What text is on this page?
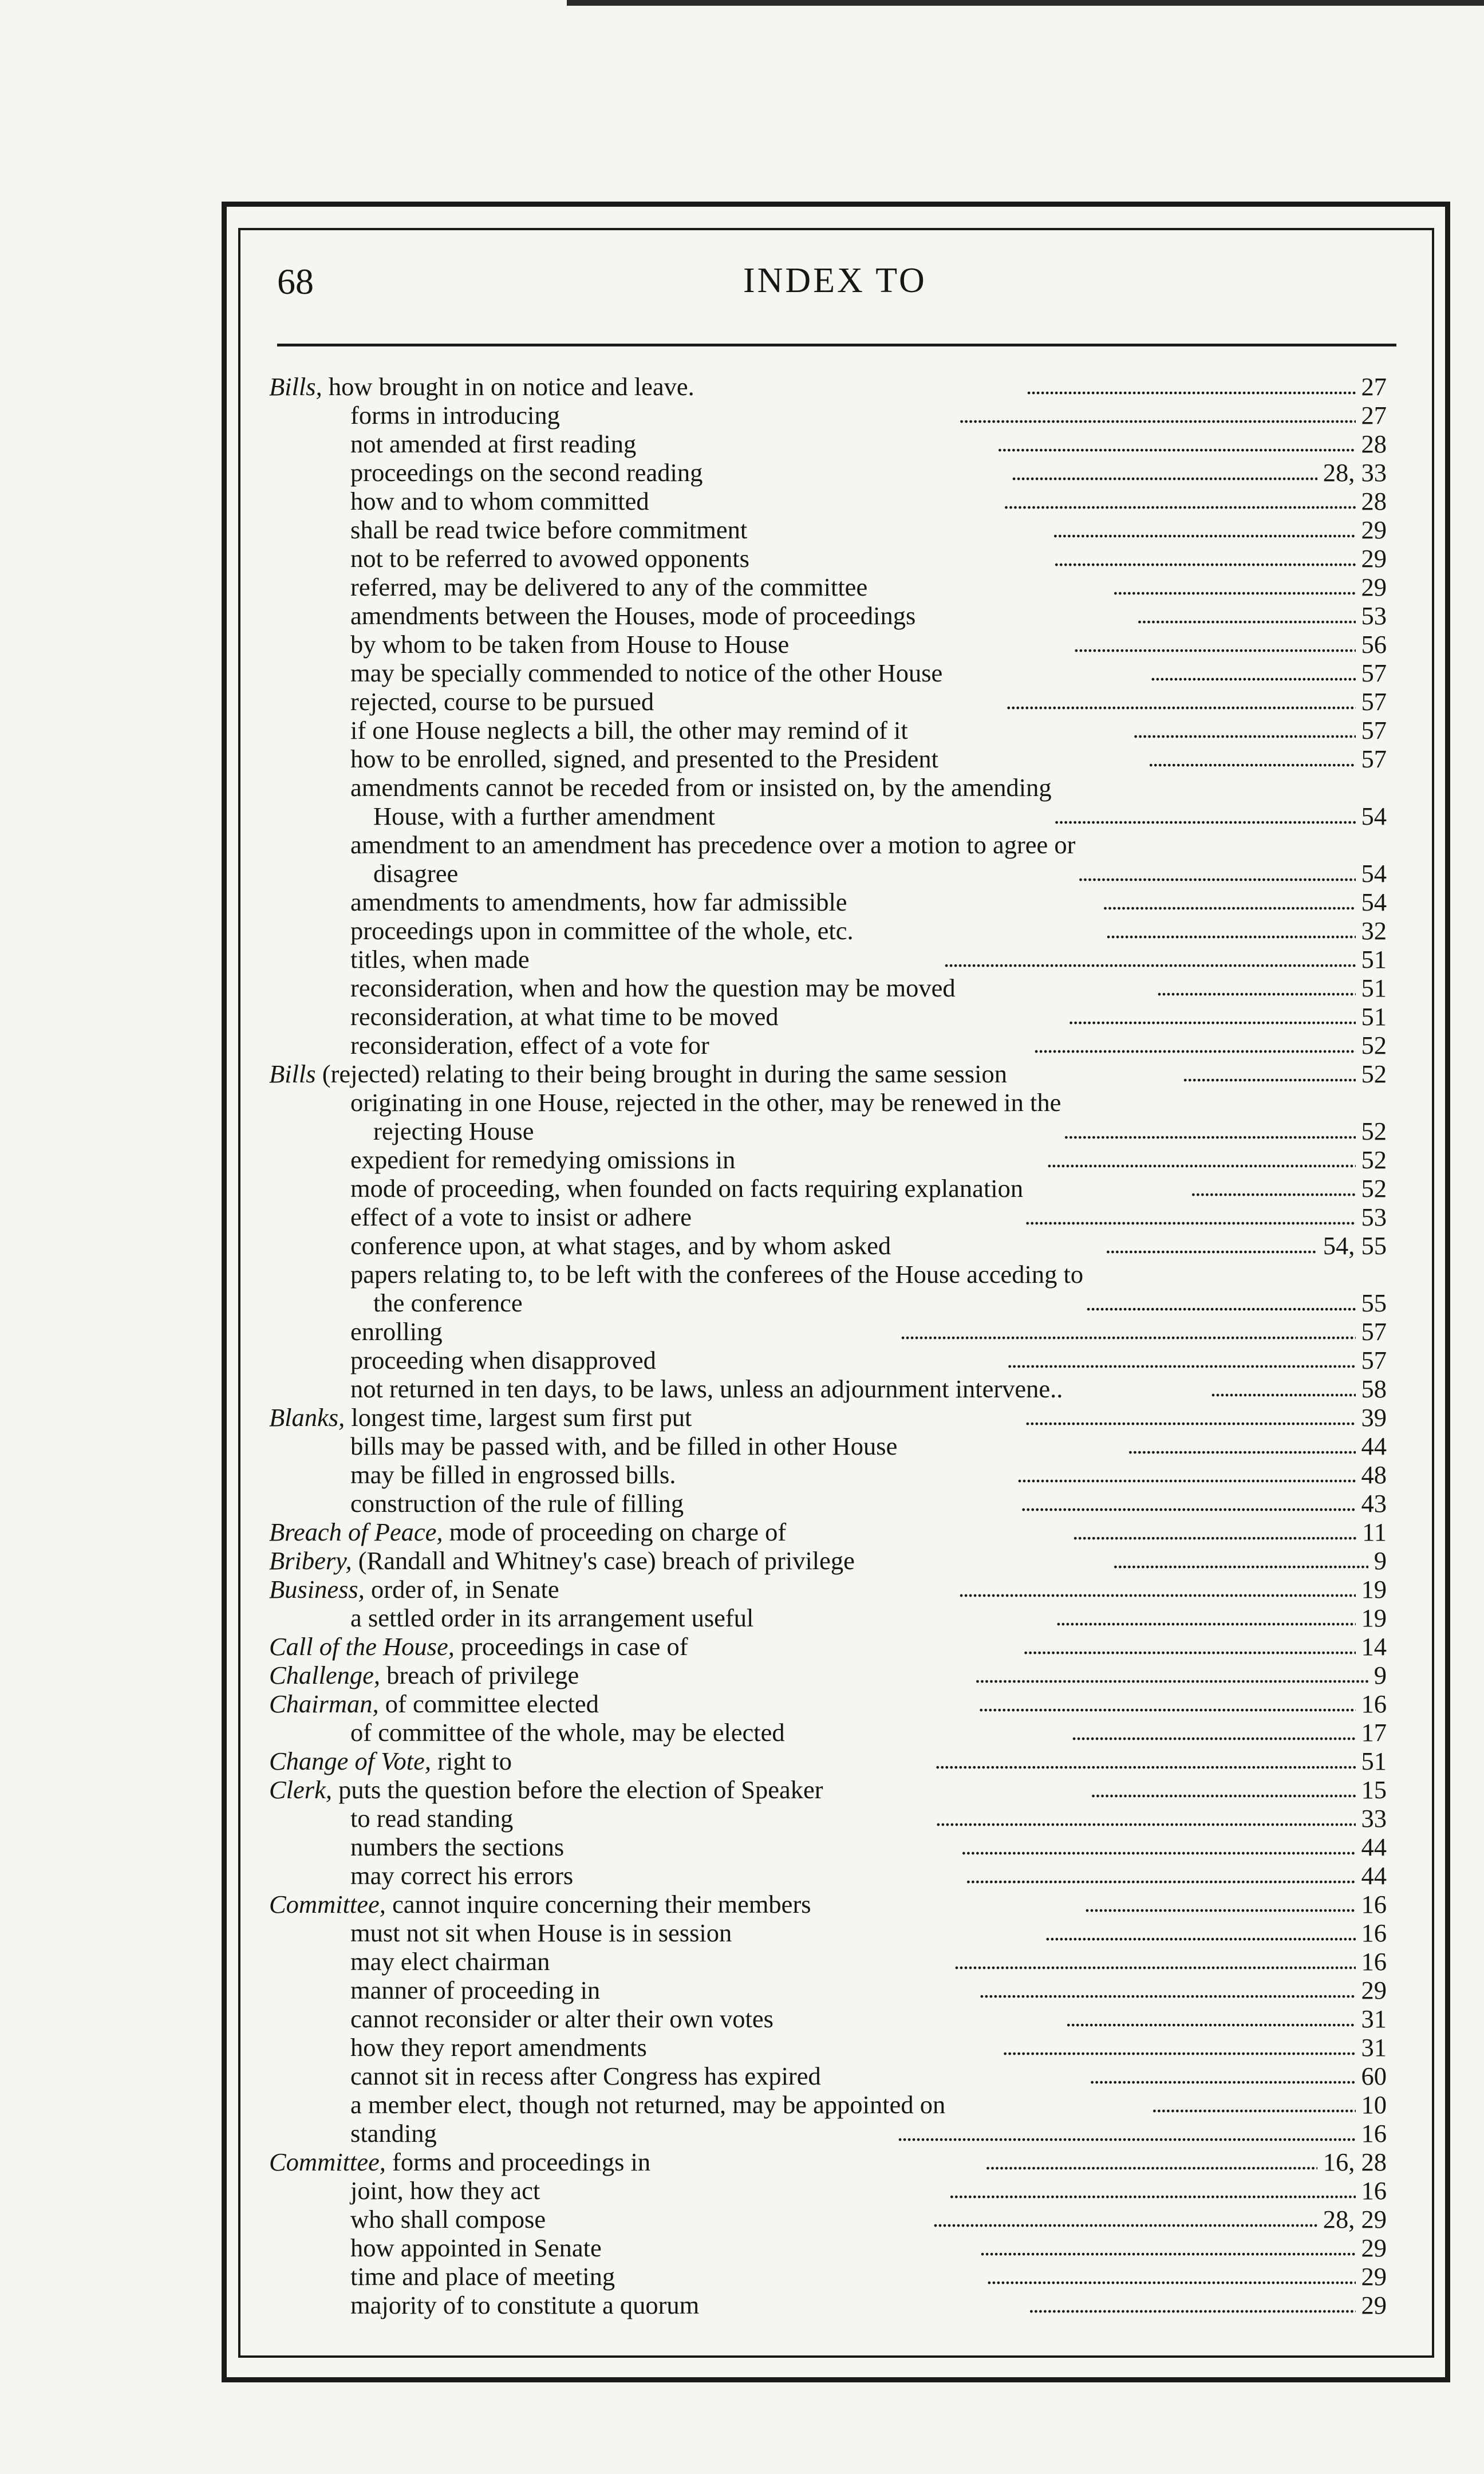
68	INDEX TO
Bills, how brought in on notice and leave. . . .	27
forms in introducing . . .	27
not amended at first reading . . .	28
proceedings on the second reading . . .	28, 33
how and to whom committed . . .	28
shall be read twice before commitment . . .	29
not to be referred to avowed opponents . . .	29
referred, may be delivered to any of the committee . . .	29
amendments between the Houses, mode of proceedings . . .	53
by whom to be taken from House to House . . .	56
may be specially commended to notice of the other House . . .	57
rejected, course to be pursued . . .	57
if one House neglects a bill, the other may remind of it . . .	57
how to be enrolled, signed, and presented to the President . . .	57
amendments cannot be receded from or insisted on, by the amending
House, with a further amendment . . .	54
amendment to an amendment has precedence over a motion to agree or
disagree . . .	54
amendments to amendments, how far admissible . . .	54
proceedings upon in committee of the whole, etc. . . .	32
titles, when made . . .	51
reconsideration, when and how the question may be moved . . .	51
reconsideration, at what time to be moved . . .	51
reconsideration, effect of a vote for . . .	52
Bills (rejected) relating to their being brought in during the same session . . .	52
originating in one House, rejected in the other, may be renewed in the
rejecting House . . .	52
expedient for remedying omissions in . . .	52
mode of proceeding, when founded on facts requiring explanation . . .	52
effect of a vote to insist or adhere . . .	53
conference upon, at what stages, and by whom asked . . .	54, 55
papers relating to, to be left with the conferees of the House acceding to
the conference . . .	55
enrolling . . .	57
proceeding when disapproved . . .	57
not returned in ten days, to be laws, unless an adjournment intervene.. . . .	58
Blanks, longest time, largest sum first put . . .	39
bills may be passed with, and be filled in other House . . .	44
may be filled in engrossed bills. . . .	48
construction of the rule of filling . . .	43
Breach of Peace, mode of proceeding on charge of . . .	11
Bribery, (Randall and Whitney's case) breach of privilege . . .	9
Business, order of, in Senate . . .	19
a settled order in its arrangement useful . . .	19
Call of the House, proceedings in case of . . .	14
Challenge, breach of privilege . . .	9
Chairman, of committee elected . . .	16
of committee of the whole, may be elected . . .	17
Change of Vote, right to . . .	51
Clerk, puts the question before the election of Speaker . . .	15
to read standing . . .	33
numbers the sections . . .	44
may correct his errors . . .	44
Committee, cannot inquire concerning their members . . .	16
must not sit when House is in session . . .	16
may elect chairman . . .	16
manner of proceeding in . . .	29
cannot reconsider or alter their own votes . . .	31
how they report amendments . . .	31
cannot sit in recess after Congress has expired . . .	60
a member elect, though not returned, may be appointed on . . .	10
standing . . .	16
Committee, forms and proceedings in . . .	16, 28
joint, how they act . . .	16
who shall compose . . .	28, 29
how appointed in Senate . . .	29
time and place of meeting . . .	29
majority of to constitute a quorum . . .	29
